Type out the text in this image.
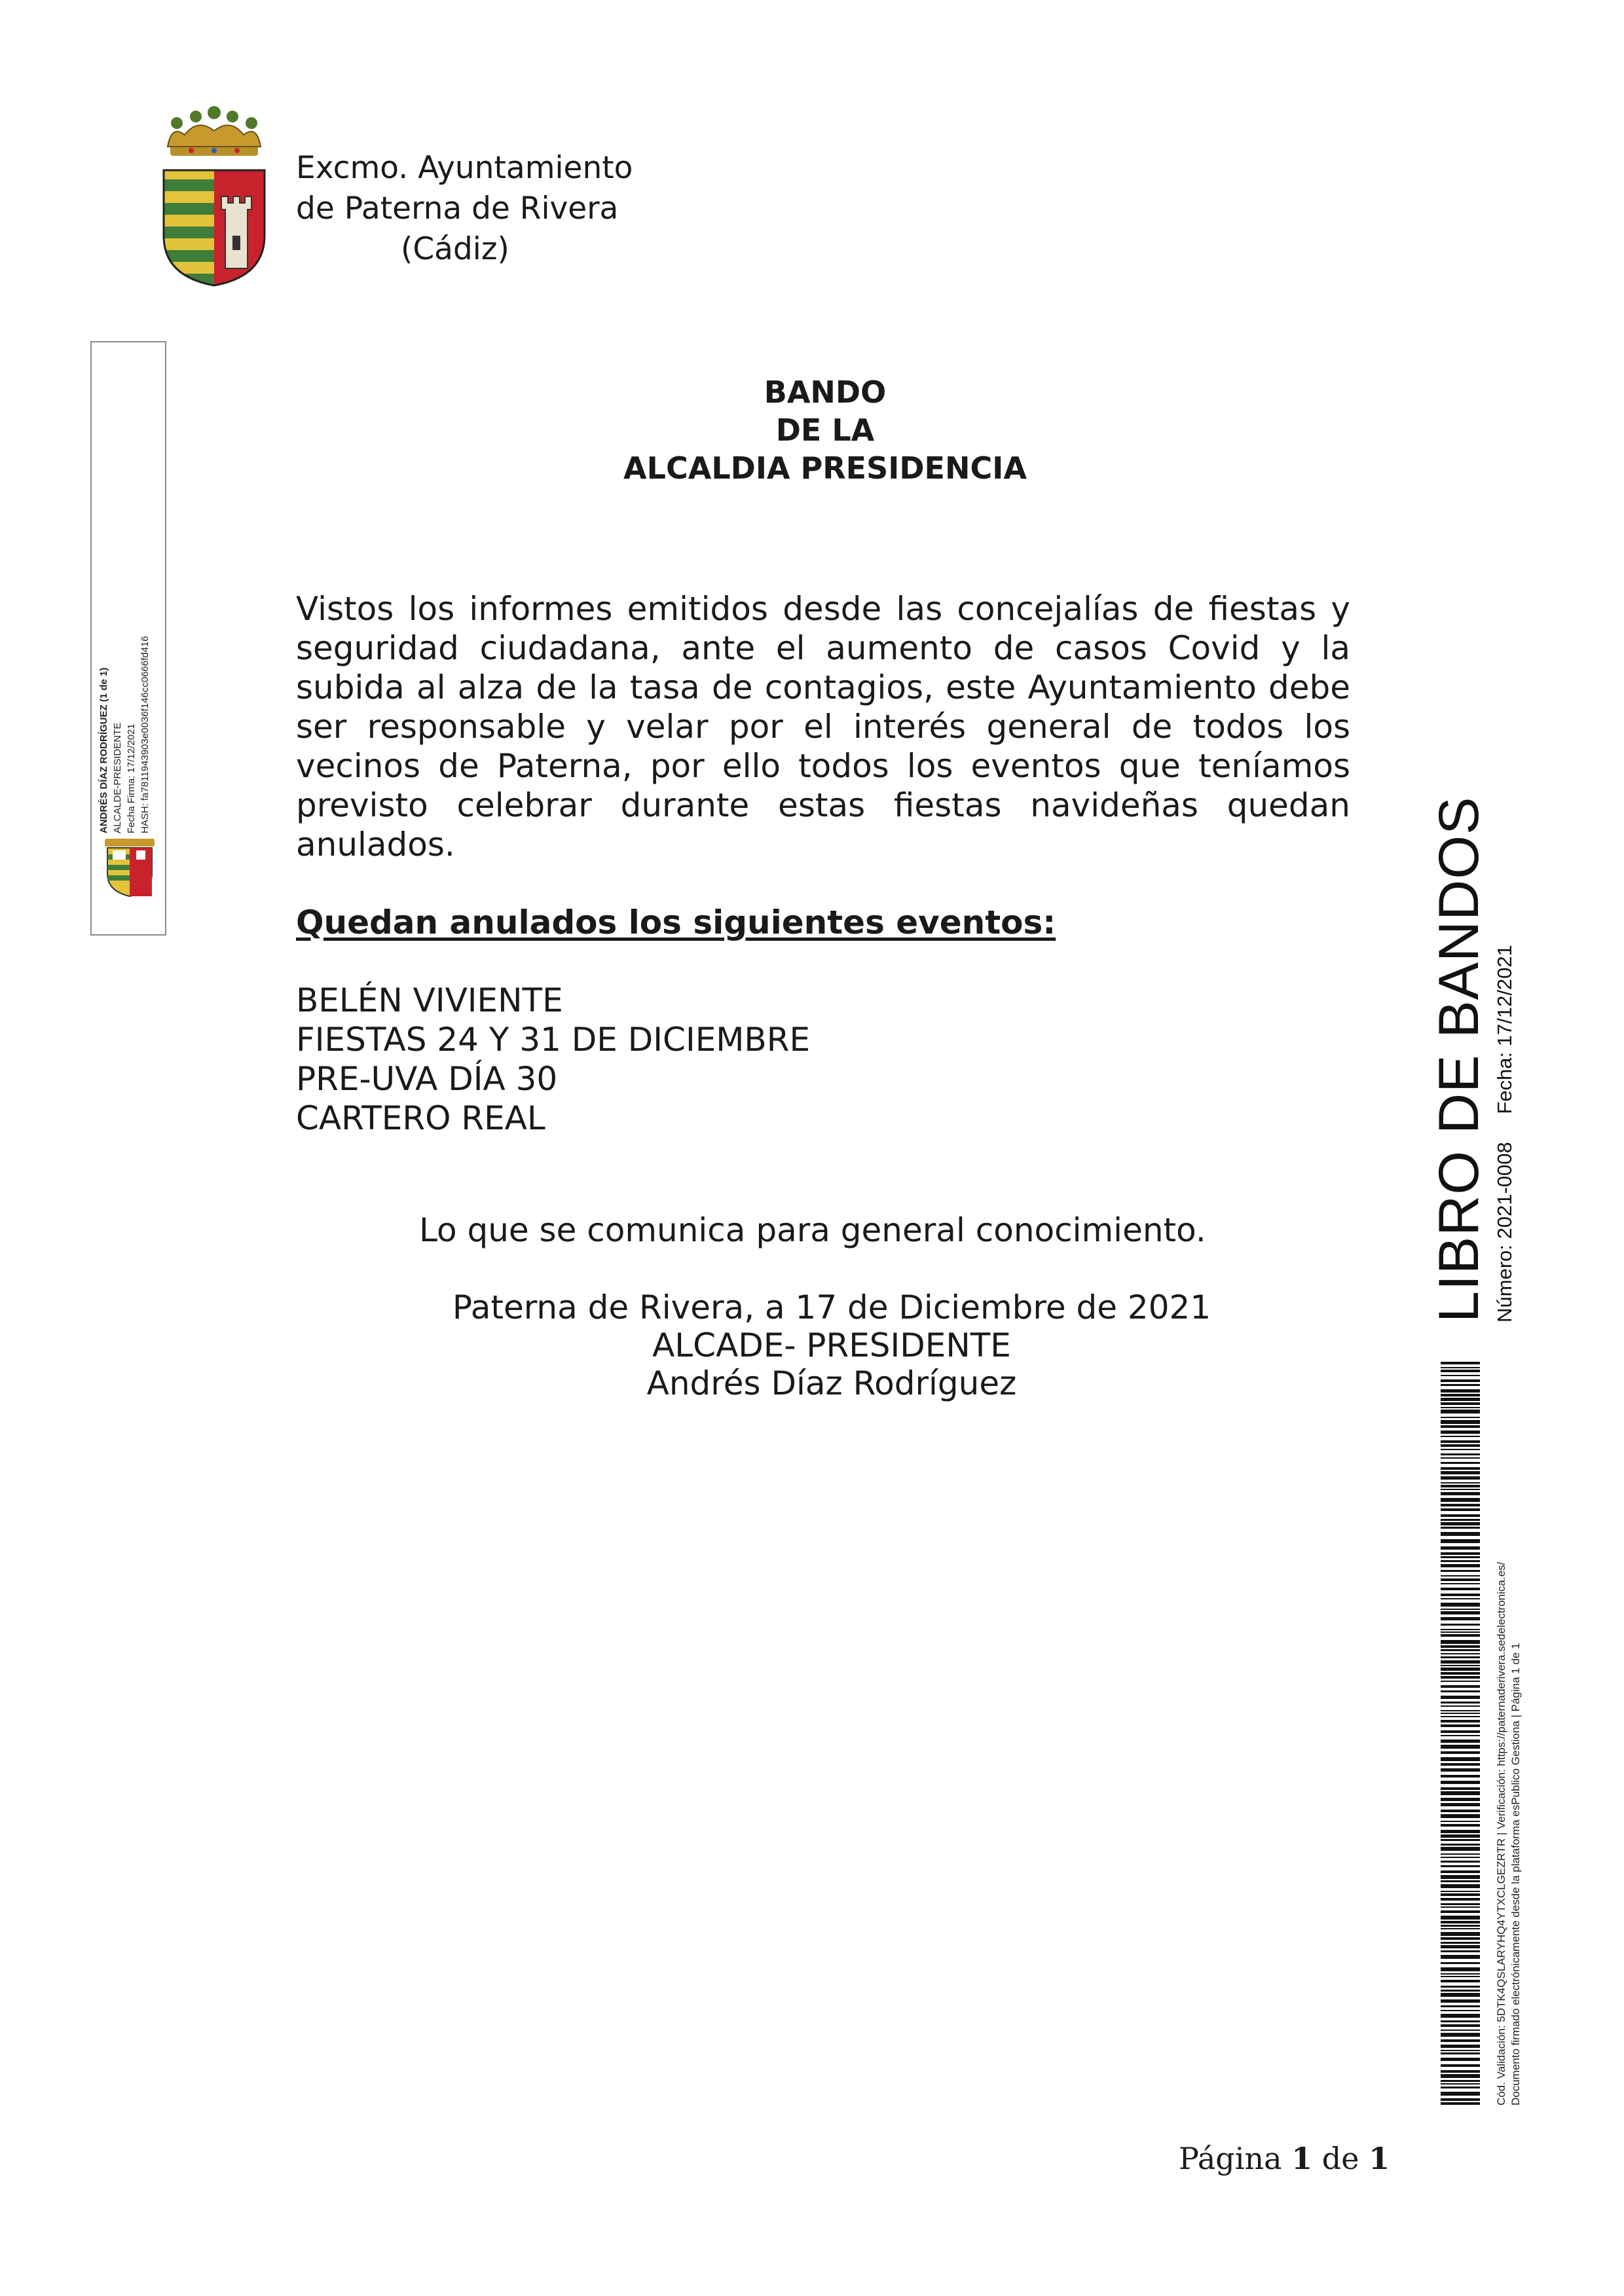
Excmo. Ayuntamiento
de Paterna de Rivera
(Cádiz)
ANDRÉS DÍAZ RODRÍGUEZ (1 de 1) ALCALDE-PRESIDENTE Fecha Firma: 17/12/2021 HASH: fa7811943903e0036f146cc0666fd416
BANDO
DE LA
ALCALDIA PRESIDENCIA
Vistos los informes emitidos desde las concejalías de fiestas y seguridad ciudadana, ante el aumento de casos Covid y la subida al alza de la tasa de contagios, este Ayuntamiento debe ser responsable y velar por el interés general de todos los vecinos de Paterna, por ello todos los eventos que teníamos previsto celebrar durante estas fiestas navideñas quedan anulados.
Quedan anulados los siguientes eventos:
BELÉN VIVIENTE
FIESTAS 24 Y 31 DE DICIEMBRE
PRE-UVA DÍA 30
CARTERO REAL
Lo que se comunica para general conocimiento.
Paterna de Rivera, a 17 de Diciembre de 2021
ALCADE- PRESIDENTE
Andrés Díaz Rodríguez
LIBRO DE BANDOS Número: 2021-0008 Fecha: 17/12/2021
Cód. Validación: 5DTK4QSLARYHQ4YTXCLGEZRTR | Verificación: https://paternaderivera.sedelectronica.es/ Documento firmado electrónicamente desde la plataforma esPublico Gestiona | Página 1 de 1
Página 1 de 1
